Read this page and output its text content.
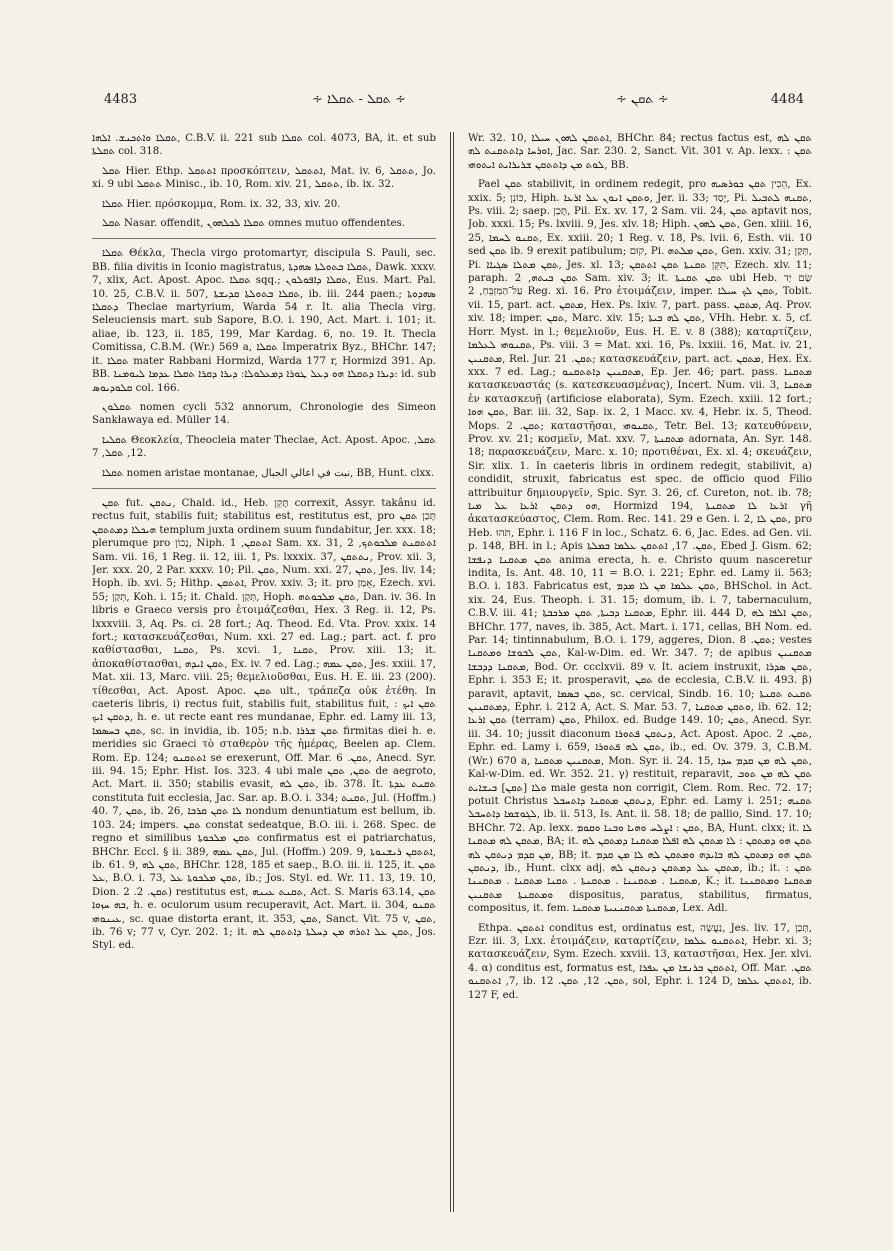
4483	∻ ܬܩܠ - ܬܩܠܐ ∻	∻ ܬܩܢ ∻	4484

ܬܩܠܐ ܘܐܬܟܢܫ. ܐܠܗܐ, C.B.V. ii. 221 sub ܬܩܠܐ col. 4073, BA, it. et sub ܬܩܠܬܐ col. 318.

ܬܩܠ Hier. Ethp. ܐܬܬܩܠ προσκόπτειν, ܐܬܬܩܠ, Mat. iv. 6, ܬܬܩܠ, Jo. xi. 9 ubi ܬܬܩܠ Minisc., ib. 10, Rom. xiv. 21, ܬܬܩܠ, ib. ix. 32.

ܬܩܠܐ Hier. πρόσκομμα, Rom. ix. 32, 33, xiv. 20.

ܬܩܠ Nasar. offendit, ܬܩܠܐ ܠܟܠܗܘܢ omnes mutuo offendentes.

ܬܩܠܐ Θέκλα, Thecla virgo protomartyr, discipula S. Pauli, sec. BB. filia divitis in Iconio magistratus, ܬܩܠܐ ܒܬܘܠܬܐ ܣܗܕܬܐ, Dawk. xxxv. 7, xlix, Act. Apost. Apoc. ܬܩܠܐ sqq.; ܬܩܠܐ ܕܐܦܘܠܘܢ, Eus. Mart. Pal. 10. 25, C.B.V. ii. 507, ܬܩܠܐ ܒܬܘܠܬܐ ܩܕܝܫܬܐ, ib. iii. 244 paen.; ܣܗܕܘܬܐ ܕܬܩܠܐ Theclae martyrium, Warda 54 r. It. alia Thecla virg. Seleuciensis mart. sub Sapore, B.O. i. 190, Act. Mart. i. 101; it. aliae, ib. 123, ii. 185, 199, Mar Kardag. 6, no. 19. It. Thecla Comitissa, C.B.M. (Wr.) 569 a, ܬܩܠܐ Imperatrix Byz., BHChr. 147; it. ܬܩܠܐ mater Rabbani Hormizd, Warda 177 r, Hormizd 391. Ap. BB. ܕܝܪܐ ܕܬܩܠܐ ܗܘ ܕܥܠ ܛܘܪܐ ܕܡܥܠܘܠܐ: ܕܝܪܐ ܕܩܪܐ ܬܩܠܐ ܥܕܡܐ ܠܝܘܡܢܐ: id. sub ܩܠܘܕܝܘܣ col. 166.

ܬܩܠܘܢ nomen cycli 532 annorum, Chronologie des Simeon Sankławaya ed. Müller 14.

ܬܩܠܝܐ Θεοκλεία, Theocleia mater Theclae, Act. Apost. Apoc. ܬܩܠ, 12, ܬܩܠ, 7.

ܬܩܠܐ nomen aristae montanae, نبت في اعالي الجبال, BB, Hunt. clxx.

ܬܩܢ fut. ܢܬܩܢ, Chald. id., Heb. תָּקֵן correxit, Assyr. takânu id. rectus fuit, stabilis fuit; stabilitus est, restitutus est, pro תָּכַן ܬܩܢ ܗܝܟܠܐ ܕܡܬܬܩܢ templum juxta ordinem suum fundabitur, Jer. xxx. 18; plerumque pro נָכוֹן, Niph. ܐܬܬܩܢ, 1 Sam. xx. 31, ܐܬܬܩܢܬ ܡܠܟܘܬܟ, 2 Sam. vii. 16, 1 Reg. ii. 12, iii. 1, Ps. lxxxix. 37, ܢܬܬܩܢ, Prov. xii. 3, Jer. xxx. 20, 2 Par. xxxv. 10; Pil. ܬܩܢ, Num. xxi. 27, ܬܩܢ, Jes. liv. 14; Hoph. ib. xvi. 5; Hithp. ܐܬܬܩܢ, Prov. xxiv. 3; it. pro אָמַן, Ezech. xvi. 55; תְּקַן, Koh. i. 15; it. Chald. תְּקַן, Hoph. ܬܩܢ ܡܠܟܘܬܗ, Dan. iv. 36. In libris e Graeco versis pro ἑτοιμάζεσθαι, Hex. 3 Reg. ii. 12, Ps. lxxxviii. 3, Aq. Ps. ci. 28 fort.; Aq. Theod. Ed. Vta. Prov. xxix. 14 fort.; κατασκευάζεσθαι, Num. xxi. 27 ed. Lag.; part. act. f. pro καθίστασθαι, ܬܩܢܐ, Ps. xcvi. 1, ܬܩܢܐ, Prov. xiii. 13; it. ἀποκαθίστασθαι, ܬܩܢ ܐܝܕܗ, Ex. iv. 7 ed. Lag.; ܬܩܢ ܥܡܗ, Jes. xxiii. 17, Mat. xii. 13, Marc. viii. 25; θεμελιοῦσθαι, Eus. H. E. iii. 23 (200). τίθεσθαι, Act. Apost. Apoc. ܬܩܢ ult., τράπεζα οὐκ ἐτέθη. In caeteris libris, i) rectus fuit, stabilis fuit, stabilitus fuit, : ܬܩܢ ܐܝܟ ܕܬܩܢ ܐܝܟ, h. e. ut recte eant res mundanae, Ephr. ed. Lamy iii. 13, ܬܩܢ ܒܚܣܡܐ, sc. in invidia, ib. 105; n.b. ܬܩܢ ܫܪܪܐ firmitas diei h. e. meridies sic Graeci τὸ σταθερὸν τῆς ἡμέρας, Beelen ap. Clem. Rom. Ep. 124; ܐܬܬܩܢܘ se erexerunt, Off. Mar. ܬܩܢ. 6, Anecd. Syr. iii. 94. 15; Ephr. Hist. Ios. 323. 4 ubi male ܬܩܢ, ܬܩܢ de aegroto, Act. Mart. ii. 350; stabilis evasit, ܬܩܢ ܠܗ, ib. 378. It. ܬܩܢܬ ܥܕܬܐ constituta fuit ecclesia, Jac. Sar. ap. B.O. i. 334; ܬܩܢܬ, Jul. (Hoffm.) 40. 7, ܬܩܢ, ib. 26, ܠܐ ܬܩܢ ܩܪܒܐ nondum denuntiatum est bellum, ib. 103. 24; impers. ܬܩܢ constat sedeatque, B.O. iii. i. 268. Spec. de regno et similibus ܬܩܢ ܡܠܟܘܬܐ confirmatus est ei patriarchatus, BHChr. Eccl. § ii. 389, ܬܩܢ ܥܡܗ, Jul. (Hoffm.) 209. 9, ܐܬܬܩܢ ܪܝܫܢܘܬܐ, ib. 61. 9, ܬܩܢ ܠܗ, BHChr. 128, 185 et saep., B.O. iii. ii. 125, it. ܬܩܢ ܥܠ, B.O. i. 73, ܬܩܢ ܡܠܟܘܬܐ ܥܠ, ib.; Jos. Styl. ed. Wr. 11. 13, 19. 10, Dion. ܬܩܢ. 2. 2) restitutus est, ܬܩܢܬ ܥܝܢܗ, Act. S. Maris 63.14, ܬܩܢ ܒܗ ܚܙܘܐ, h. e. oculorum usum recuperavit, Act. Mart. ii. 304, ܬܩܢܘ ܥܝܢܘܗܝ, sc. quae distorta erant, it. 353, ܬܩܢ, Sanct. Vit. 75 v, ܬܩܢ, ib. 76 v; 77 v, Cyr. 202. 1; it. ܬܩܢ ܥܠ ܐܬܪܗ ܡܢ ܕܚܠܬܐ ܕܐܬܬܩܢ ܠܗ, Jos. Styl. ed.

Wr. 32. 10, ܐܬܬܩܢ ܠܗܘܢ ܚܝܠܐ, BHChr. 84; rectus factus est, ܬܩܢ ܠܗ ܐܘܪܚܐ ܕܐܬܬܩܢܬ ܠܗ, Jac. Sar. 230. 2, Sanct. Vit. 301 v. Ap. lexx. : ܬܩܢ ܠܘܬ ܡܢ ܕܐܬܬܩܢ ܫܪܝܪܐܝܬ ܐܝܬܘܗܝ, BB.

Pael ܬܩܢ stabilivit, in ordinem redegit, pro הֵכִין ܬܩܢ ܟܘܪܣܝܗ, Ex. xxix. 5; כּוֹנֵן, Hiph. ܘܬܩܢ ܐܢܘܢ ܥܠ ܐܪܥܐ, Jer. ii. 33; יָסַד, Pi. ܬܩܢܗ ܠܬܒܝܠ, Ps. viii. 2; saep. תָּכַן, Pil. Ex. xv. 17, 2 Sam. vii. 24, ܬܩܢ aptavit nos, Job. xxxi. 15; Ps. lxviii. 9, Jes. xlv. 18; Hiph. ܬܩܢ ܠܗܘܢ, Gen. xliii. 16, 25, ܬܩܢܘ ܠܚܡܐ, Ex. xxiii. 20; 1 Reg. v. 18, Ps. lvii. 6, Esth. vii. 10 sed ܬܩܢ ib. 9 erexit patibulum; קוּם, Pi. ܬܩܢ ܡܠܬܗ, Gen. xxiv. 31; תְּקַן, Pi. ܬܩܢ ܡܬܠܐ ܣܓܝܐܐ, Jes. xl. 13; תִּקֵּן ܬܩܢܬܐ ܬܩܢ ܐܬܬܩܢ, Ezech. xlv. 11; paraph. ܬܩܢ ܒܝܬܗ, 2 Sam. xiv. 3; it. ܬܩܢ ܬܩܢܬܐ ubi Heb. שַׂם יָד עַל־הַמִּזְבֵּחַ, 2 Reg. xi. 16. Pro ἑτοιμάζειν, imper. ܬܩܢ ܠܟ ܚܝܠܐ, Tobit. vii. 15, part. act. ܡܬܩܢ, Hex. Ps. lxiv. 7, part. pass. ܡܬܩܢ, Aq. Prov. xiv. 18; imper. ܬܩܢ, Marc. xiv. 15; ܬܩܢ ܠܗ ܒܝܬܐ, VHh. Hebr. x. 5, cf. Horr. Myst. in l.; θεμελιοῦν, Eus. H. E. v. 8 (388); καταρτίζειν, ܬܩܢܘܗܝ ܠܥܠܡܐ, Ps. viii. 3 = Mat. xxi. 16, Ps. lxxiii. 16, Mat. iv. 21, ܡܬܩܢܝܢ, Rel. Jur. ܬܩܢ. 21; κατασκευάζειν, part. act. ܡܬܩܢ, Hex. Ex. xxx. 7 ed. Lag.; ܡܬܩܢܝܢ ܕܐܬܬܩܢܘ, Ep. Jer. 46; part. pass. ܡܬܩܢܐ κατασκευαστάς (s. κατεσκευασμένας), Incert. Num. vii. 3, ܡܬܩܢܐ ἐν κατασκευῇ (artificiose elaborata), Sym. Ezech. xxiii. 12 fort.; ܬܩܢ ܗܘܐ, Bar. iii. 32, Sap. ix. 2, 1 Macc. xv. 4, Hebr. ix. 5, Theod. Mops. ܬܩܢ. 2; καταστῆσαι, ܬܩܢܘܗܝ, Tetr. Bel. 13; κατευθύνειν, Prov. xv. 21; κοσμεῖν, Mat. xxv. 7, ܡܬܩܢܬܐ adornata, An. Syr. 148. 18; παρασκευάζειν, Marc. x. 10; προτιθέναι, Ex. xl. 4; σκευάζειν, Sir. xlix. 1. In caeteris libris in ordinem redegit, stabilivit, a) condidit, struxit, fabricatus est spec. de officio quod Filio attribuitur δημιουργεῖν, Spic. Syr. 3. 26, cf. Cureton, not. ib. 78; ܗܘ ܕܬܩܢ ܐܪܥܐ ܥܠ ܡܝܐ, Hormizd 194, ܐܪܥܐ ܠܐ ܡܬܩܢܬܐ γῆ ἀκατασκεύαστος, Clem. Rom. Rec. 141. 29 e Gen. i. 2, ܬܩܢ ܠܐ, pro Heb. תֹּהוּ, Ephr. i. 116 F in loc., Schatz. 6. 6, Jac. Edes. ad Gen. vii. p. 148, BH. in l.; Apis ܬܩܢ. 17, ܐܬܬܩܢ ܥܠܡܐ ܒܡܠܬܐ, Ebed J. Gism. 62; ܬܩܢ ܡܬܩܢܐ ܕܢܦܫܐ anima erecta, h. e. Christo quum nasceretur indita, Is. Ant. 48. 10, 11 = B.O. i. 221; Ephr. ed. Lamy ii. 563; B.O. i. 183. Fabricatus est, ܬܩܢ ܥܠܡܐ ܡܢ ܠܐ ܡܕܡ, BHSchol. in Act. xix. 24, Eus. Theoph. i. 31. 15; domum, ib. i. 7, tabernaculum, C.B.V. iii. 41; ܡܬܩܢܐ ܕܒܝܬܐ, ܬܩܢ ܡܪܟܒܬܐ, Ephr. iii. 444 D, ܬܩܢ ܐܠܦܐ ܠܗ, BHChr. 177, naves, ib. 385, Act. Mart. i. 171, cellas, BH Nom. ed. Par. 14; tintinnabulum, B.O. i. 179, aggeres, Dion. ܬܩܢ. 8; vestes ܬܩܢ ܠܒܘܫܐ ܘܡܬܩܢܐ, Kal-w-Dim. ed. Wr. 347. 7; de apibus ܡܬܩܢܝܢ ܡܬܩܢܐ ܕܕܒܫܐ, Bod. Or. ccclxvii. 89 v. It. aciem instruxit, ܬܩܢ ܣܕܪܐ, Ephr. i. 353 E; it. prosperavit, ܬܩܢ de ecclesia, C.B.V. ii. 493. β) paravit, aptavit, ܬܩܢ ܒܣܡܐ, sc. cervical, Sindb. 16. 10; ܬܩܢܬ ܬܩܢܬܐ ܕܡܬܩܢܝܢ, Ephr. i. 212 A, Act. S. Mar. 53. 7, ܘܬܩܢ ܡܬܩܢܐ, ib. 62. 12; ܬܩܢ ܐܪܥܐ (terram) ܬܩܢ, Philox. ed. Budge 149. 10; ܬܩܢ, Anecd. Syr. iii. 34. 10; jussit diaconum ܕܢܬܩܢ ܦܬܘܪܐ, Act. Apost. Apoc. ܬܩܢ. 2, Ephr. ed. Lamy i. 659, ܬܩܢ ܠܗ ܦܬܘܪܐ, ib., ed. Ov. 379. 3, C.B.M. (Wr.) 670 a, ܡܬܩܢܝܢ ܡܬܩܢܐ, Mon. Syr. ii. 24. 15, ܬܩܢ ܠܗ ܡܢ ܩܕܡ ܚܕܐ, Kal-w-Dim. ed. Wr. 352. 21. γ) restituit, reparavit, ܬܩܢ ܠܗ ܡܢ ܬܘܒ ܘܠܐ [ܬܩܢ] ܒܝܫܐܝܬ male gesta non corrigit, Clem. Rom. Rec. 72. 17; potuit Christus ܕܢܬܩܢ ܡܬܩܢܐ ܕܐܬܚܒܠ, Ephr. ed. Lamy i. 251; ܬܩܢܗ ܠܓܘܫܡܐ ܕܐܬܚܒܠ, ib. ii. 513, Is. Ant. ii. 58. 18; de pallio, Sind. 17. 10; BHChr. 72. Ap. lexx. ܬܩܢ : ܐܨܠܚ ܘܗܝܐ ܘܒܢܐ ܘܩܘܡ, BA, Hunt. clxx; it. ܠܐ ܡܬܩܢ ܠܗ ܡܬܩܢܐ, BA; it. ܬܩܢ ܗܘ ܕܡܬܩܢ : ܠܐ ܡܬܩܢ ܠܗ ܐܦܠܐ ܡܬܩܢܐ ܕܡܬܩܢ ܠܗ ܡܢ ܩܕܡ ܕܢܬܩܢ ܠܗ, BB; it. ܬܩܢ ܗܘ ܕܡܬܩܢ ܠܗ ܒܐܝܕܗ ܘܡܬܩܢ ܠܗ ܠܐ ܡܢ ܩܕܡ ܕܢܬܩܢ, ib., Hunt. clxx adj. ܡܬܩܢ ܥܠ ܕܡܬܩܢ ܕܢܬܩܢ ܠܗ, ib.; it. ܬܩܢ : ܡܬܩܢܐ . ܡܬܩܢܢܐ . ܡܬܩܢܬܐ . ܬܩܢܐ ܡܬܩܢܐ . ܡܬܩܢܢܐ, K.; it. ܡܬܩܢܐ ܘܡܬܩܢܢܐ ܘܡܬܩܢܬܐ ܡܬܩܢܝܢ dispositus, paratus, stabilitus, firmatus, compositus, it. fem. ܡܬܩܢܬܐ ܡܬܩܢܢܝܬܐ ܡܬܩܢܐ, Lex. Adl.

Ethpa. ܐܬܬܩܢ conditus est, ordinatus est, נַעֲשָׂה, Jes. liv. 17, תָּכַן, Ezr. iii. 3, Lxx. ἑτοιμάζειν, καταρτίζειν, ܐܬܬܩܢܘ ܥܠܡܐ, Hebr. xi. 3; κατασκευάζειν, Sym. Ezech. xxviii. 13, καταστῆσαι, Hex. Jer. xlvi. 4. α) conditus est, formatus est, ܐܬܬܩܢ ܒܪܢܫܐ ܡܢ ܥܦܪܐ, Off. Mar. ܬܩܢ. 7, ܐܬܬܩܢܘ, ib. ܬܩܢ. 12, ܬܩܢ. 12, sol, Ephr. i. 124 D, ܐܬܬܩܢ ܥܠܡܐ, ib. 127 F, ed.
